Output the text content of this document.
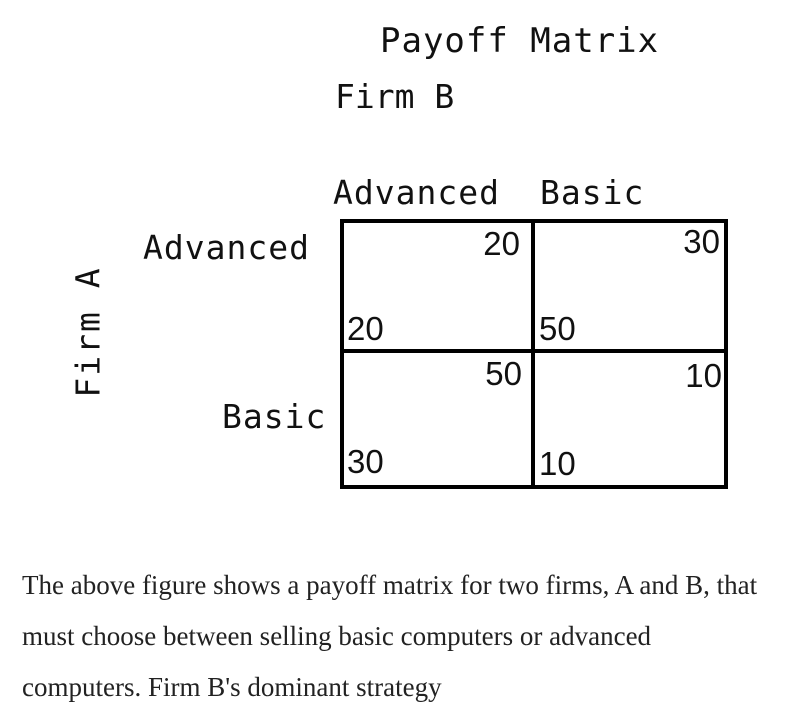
Payoff Matrix
Firm B
Advanced Basic
Advanced
Basic
Firm A
20
20
30
50
50
30
10
10
The above figure shows a payoff matrix for two firms, A and B, that must choose between selling basic computers or advanced computers. Firm B's dominant strategy
